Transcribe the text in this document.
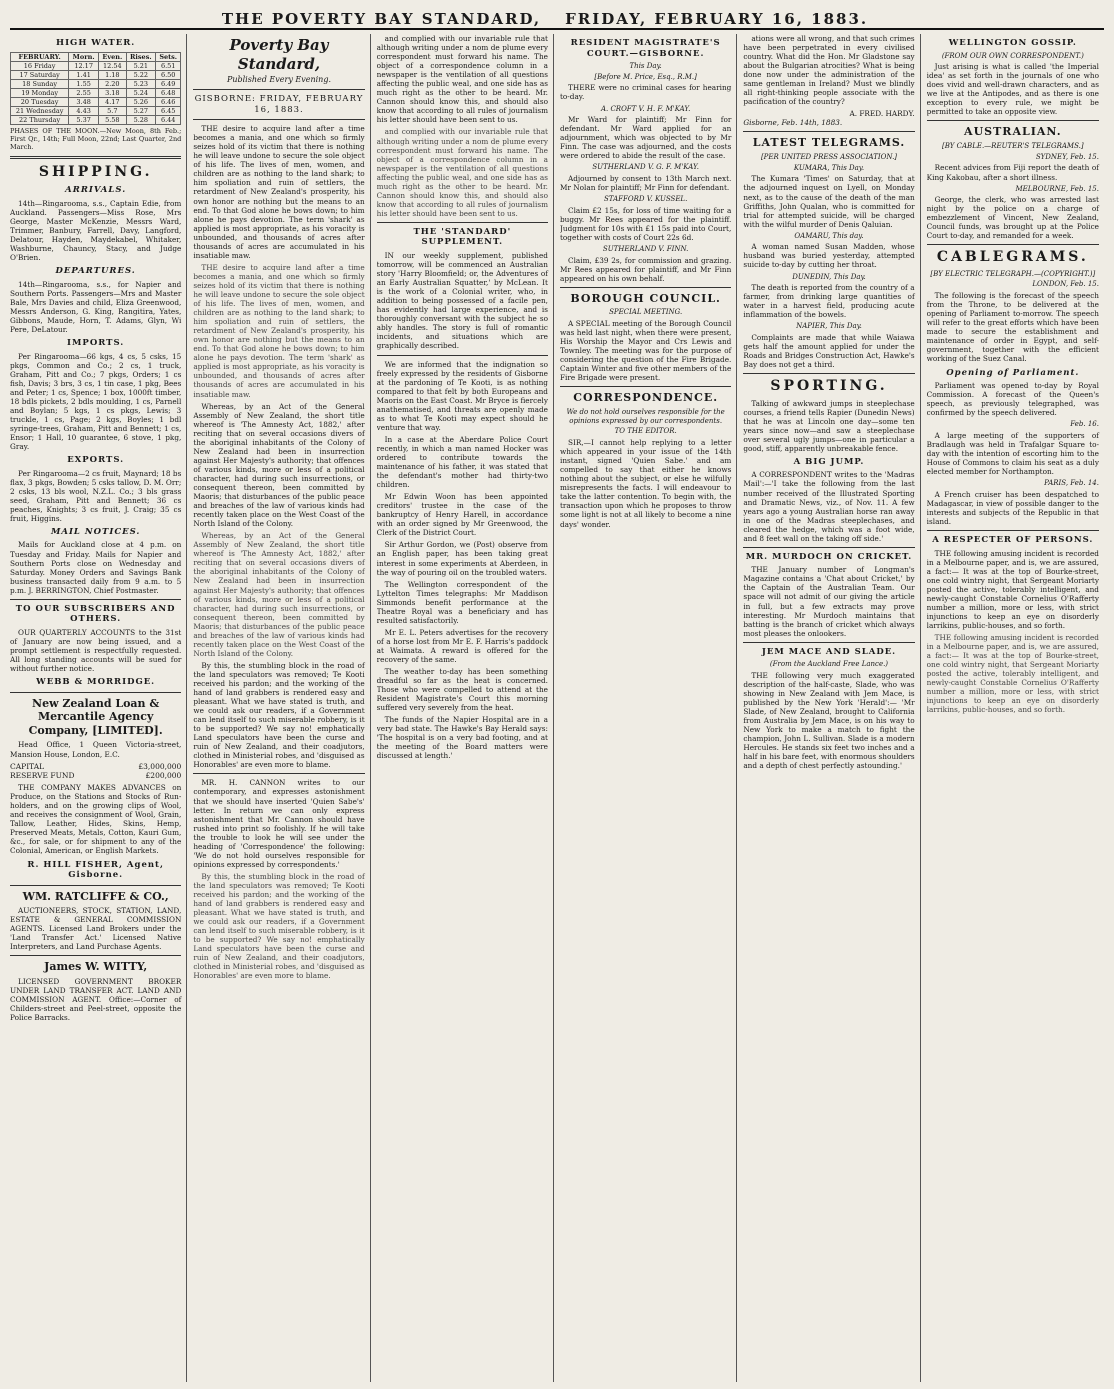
THE POVERTY BAY STANDARD, FRIDAY, FEBRUARY 16, 1883.
HIGH WATER.
FEBRUARY.	Morn.	Even.	Rises.	Sets.
16 Friday	12.17	12.54	5.21	6.51
17 Saturday	1.41	1.18	5.22	6.50
18 Sunday	1.55	2.20	5.23	6.49
19 Monday	2.55	3.18	5.24	6.48
20 Tuesday	3.48	4.17	5.26	6.46
21 Wednesday	4.43	5.7	5.27	6.45
22 Thursday	5.37	5.58	5.28	6.44
PHASES OF THE MOON.—New Moon, 8th Feb.; First Qr., 14th; Full Moon, 22nd; Last Quarter, 2nd March.
SHIPPING.
ARRIVALS.

14th—Ringarooma, s.s., Captain Edie, from Auckland. Passengers—Miss Rose, Mrs George, Master McKenzie, Messrs Ward, Trimmer, Banbury, Farrell, Davy, Langford, Delatour, Hayden, Maydekabel, Whitaker, Washburne, Chauncy, Stacy, and Judge O'Brien.

DEPARTURES.

14th—Ringarooma, s.s., for Napier and Southern Ports. Passengers—Mrs and Master Bale, Mrs Davies and child, Eliza Greenwood, Messrs Anderson, G. King, Rangitira, Yates, Gibbons, Maude, Horn, T. Adams, Glyn, Wi Pere, DeLatour.

IMPORTS.

Per Ringarooma—66 kgs, 4 cs, 5 csks, 15 pkgs, Common and Co.; 2 cs, 1 truck, Graham, Pitt and Co.; 7 pkgs, Orders; 1 cs fish, Davis; 3 brs, 3 cs, 1 tin case, 1 pkg, Bees and Peter; 1 cs, Spence; 1 box, 1000ft timber, 18 bdls pickets, 2 bdls moulding, 1 cs, Parnell and Boylan; 5 kgs, 1 cs pkgs, Lewis; 3 truckle, 1 cs, Page; 2 kgs, Boyles; 1 bdl syringe-trees, Graham, Pitt and Bennett; 1 cs, Ensor; 1 Hall, 10 guarantee, 6 stove, 1 pkg, Gray.

EXPORTS.

Per Ringarooma—2 cs fruit, Maynard; 18 bs flax, 3 pkgs, Bowden; 5 csks tallow, D. M. Orr; 2 csks, 13 bls wool, N.Z.L. Co.; 3 bls grass seed, Graham, Pitt and Bennett; 36 cs peaches, Knights; 3 cs fruit, J. Craig; 35 cs fruit, Higgins.

MAIL NOTICES.

Mails for Auckland close at 4 p.m. on Tuesday and Friday. Mails for Napier and Southern Ports close on Wednesday and Saturday. Money Orders and Savings Bank business transacted daily from 9 a.m. to 5 p.m. J. BERRINGTON, Chief Postmaster.

TO OUR SUBSCRIBERS AND OTHERS.

OUR QUARTERLY ACCOUNTS to the 31st of January are now being issued, and a prompt settlement is respectfully requested. All long standing accounts will be sued for without further notice.

WEBB & MORRIDGE.
New Zealand Loan & Mercantile Agency Company, [LIMITED].

Head Office, 1 Queen Victoria-street, Mansion House, London, E.C.

CAPITAL	£3,000,000
RESERVE FUND	£200,000

THE COMPANY MAKES ADVANCES on Produce, on the Stations and Stocks of Run-holders, and on the growing clips of Wool, and receives the consignment of Wool, Grain, Tallow, Leather, Hides, Skins, Hemp, Preserved Meats, Metals, Cotton, Kauri Gum, &c., for sale, or for shipment to any of the Colonial, American, or English Markets.

R. HILL FISHER, Agent, Gisborne.
WM. RATCLIFFE & CO.,

AUCTIONEERS, STOCK, STATION, LAND, ESTATE & GENERAL COMMISSION AGENTS. Licensed Land Brokers under the 'Land Transfer Act.' Licensed Native Interpreters, and Land Purchase Agents.

James W. WITTY,

LICENSED GOVERNMENT BROKER UNDER LAND TRANSFER ACT. LAND AND COMMISSION AGENT. Office:—Corner of Childers-street and Peel-street, opposite the Police Barracks.

Poverty Bay Standard,
Published Every Evening.
GISBORNE: FRIDAY, FEBRUARY 16, 1883.

THE desire to acquire land after a time becomes a mania, and one which so firmly seizes hold of its victim that there is nothing he will leave undone to secure the sole object of his life. The lives of men, women, and children are as nothing to the land shark; to him spoliation and ruin of settlers, the retardment of New Zealand's prosperity, his own honor are nothing but the means to an end. To that God alone he bows down; to him alone he pays devotion. The term 'shark' as applied is most appropriate, as his voracity is unbounded, and thousands of acres after thousands of acres are accumulated in his insatiable maw.

THE desire to acquire land after a time becomes a mania, and one which so firmly seizes hold of its victim that there is nothing he will leave undone to secure the sole object of his life. The lives of men, women, and children are as nothing to the land shark; to him spoliation and ruin of settlers, the retardment of New Zealand's prosperity, his own honor are nothing but the means to an end. To that God alone he bows down; to him alone he pays devotion. The term 'shark' as applied is most appropriate, as his voracity is unbounded, and thousands of acres after thousands of acres are accumulated in his insatiable maw.

Whereas, by an Act of the General Assembly of New Zealand, the short title whereof is 'The Amnesty Act, 1882,' after reciting that on several occasions divers of the aboriginal inhabitants of the Colony of New Zealand had been in insurrection against Her Majesty's authority; that offences of various kinds, more or less of a political character, had during such insurrections, or consequent thereon, been committed by Maoris; that disturbances of the public peace and breaches of the law of various kinds had recently taken place on the West Coast of the North Island of the Colony.

Whereas, by an Act of the General Assembly of New Zealand, the short title whereof is 'The Amnesty Act, 1882,' after reciting that on several occasions divers of the aboriginal inhabitants of the Colony of New Zealand had been in insurrection against Her Majesty's authority; that offences of various kinds, more or less of a political character, had during such insurrections, or consequent thereon, been committed by Maoris; that disturbances of the public peace and breaches of the law of various kinds had recently taken place on the West Coast of the North Island of the Colony.

By this, the stumbling block in the road of the land speculators was removed; Te Kooti received his pardon; and the working of the hand of land grabbers is rendered easy and pleasant. What we have stated is truth, and we could ask our readers, if a Government can lend itself to such miserable robbery, is it to be supported? We say no! emphatically Land speculators have been the curse and ruin of New Zealand, and their coadjutors, clothed in Ministerial robes, and 'disguised as Honorables' are even more to blame.

MR. H. CANNON writes to our contemporary, and expresses astonishment that we should have inserted 'Quien Sabe's' letter. In return we can only express astonishment that Mr. Cannon should have rushed into print so foolishly. If he will take the trouble to look he will see under the heading of 'Correspondence' the following: 'We do not hold ourselves responsible for opinions expressed by correspondents.'

By this, the stumbling block in the road of the land speculators was removed; Te Kooti received his pardon; and the working of the hand of land grabbers is rendered easy and pleasant. What we have stated is truth, and we could ask our readers, if a Government can lend itself to such miserable robbery, is it to be supported? We say no! emphatically Land speculators have been the curse and ruin of New Zealand, and their coadjutors, clothed in Ministerial robes, and 'disguised as Honorables' are even more to blame.

and complied with our invariable rule that although writing under a nom de plume every correspondent must forward his name. The object of a correspondence column in a newspaper is the ventilation of all questions affecting the public weal, and one side has as much right as the other to be heard. Mr. Cannon should know this, and should also know that according to all rules of journalism his letter should have been sent to us.

and complied with our invariable rule that although writing under a nom de plume every correspondent must forward his name. The object of a correspondence column in a newspaper is the ventilation of all questions affecting the public weal, and one side has as much right as the other to be heard. Mr. Cannon should know this, and should also know that according to all rules of journalism his letter should have been sent to us.

THE 'STANDARD' SUPPLEMENT.

IN our weekly supplement, published tomorrow, will be commenced an Australian story 'Harry Bloomfield; or, the Adventures of an Early Australian Squatter,' by McLean. It is the work of a Colonial writer, who, in addition to being possessed of a facile pen, has evidently had large experience, and is thoroughly conversant with the subject he so ably handles. The story is full of romantic incidents, and situations which are graphically described.

We are informed that the indignation so freely expressed by the residents of Gisborne at the pardoning of Te Kooti, is as nothing compared to that felt by both Europeans and Maoris on the East Coast. Mr Bryce is fiercely anathematised, and threats are openly made as to what Te Kooti may expect should he venture that way.

In a case at the Aberdare Police Court recently, in which a man named Hocker was ordered to contribute towards the maintenance of his father, it was stated that the defendant's mother had thirty-two children.

Mr Edwin Woon has been appointed creditors' trustee in the case of the bankruptcy of Henry Harell, in accordance with an order signed by Mr Greenwood, the Clerk of the District Court.

Sir Arthur Gordon, we (Post) observe from an English paper, has been taking great interest in some experiments at Aberdeen, in the way of pouring oil on the troubled waters.

The Wellington correspondent of the Lyttelton Times telegraphs: Mr Maddison Simmonds benefit performance at the Theatre Royal was a beneficiary and has resulted satisfactorily.

Mr E. L. Peters advertises for the recovery of a horse lost from Mr E. F. Harris's paddock at Waimata. A reward is offered for the recovery of the same.

The weather to-day has been something dreadful so far as the heat is concerned. Those who were compelled to attend at the Resident Magistrate's Court this morning suffered very severely from the heat.

The funds of the Napier Hospital are in a very bad state. The Hawke's Bay Herald says: 'The hospital is on a very bad footing, and at the meeting of the Board matters were discussed at length.'

RESIDENT MAGISTRATE'S COURT.—GISBORNE.
This Day.
[Before M. Price, Esq., R.M.]

THERE were no criminal cases for hearing to-day.

A. CROFT V. H. F. M'KAY.

Mr Ward for plaintiff; Mr Finn for defendant. Mr Ward applied for an adjournment, which was objected to by Mr Finn. The case was adjourned, and the costs were ordered to abide the result of the case.

SUTHERLAND V. G. F. M'KAY.

Adjourned by consent to 13th March next. Mr Nolan for plaintiff; Mr Finn for defendant.

STAFFORD V. KUSSEL.

Claim £2 15s, for loss of time waiting for a buggy. Mr Rees appeared for the plaintiff. Judgment for 10s with £1 15s paid into Court, together with costs of Court 22s 6d.

SUTHERLAND V. FINN.

Claim, £39 2s, for commission and grazing. Mr Rees appeared for plaintiff, and Mr Finn appeared on his own behalf.

BOROUGH COUNCIL.
SPECIAL MEETING.

A SPECIAL meeting of the Borough Council was held last night, when there were present, His Worship the Mayor and Crs Lewis and Townley. The meeting was for the purpose of considering the question of the Fire Brigade. Captain Winter and five other members of the Fire Brigade were present.

CORRESPONDENCE.
We do not hold ourselves responsible for the opinions expressed by our correspondents.
TO THE EDITOR.

SIR,—I cannot help replying to a letter which appeared in your issue of the 14th instant, signed 'Quien Sabe.' and am compelled to say that either he knows nothing about the subject, or else he wilfully misrepresents the facts. I will endeavour to take the latter contention. To begin with, the transaction upon which he proposes to throw some light is not at all likely to become a nine days' wonder.

ations were all wrong, and that such crimes have been perpetrated in every civilised country. What did the Hon. Mr Gladstone say about the Bulgarian atrocities? What is being done now under the administration of the same gentleman in Ireland? Must we blindly all right-thinking people associate with the pacification of the country?

A. FRED. HARDY.
Gisborne, Feb. 14th, 1883.
LATEST TELEGRAMS.
[PER UNITED PRESS ASSOCIATION.]
KUMARA, This Day.

The Kumara 'Times' on Saturday, that at the adjourned inquest on Lyell, on Monday next, as to the cause of the death of the man Griffiths, John Qualan, who is committed for trial for attempted suicide, will be charged with the wilful murder of Denis Qaluian.

OAMARU, This day.

A woman named Susan Madden, whose husband was buried yesterday, attempted suicide to-day by cutting her throat.

DUNEDIN, This Day.

The death is reported from the country of a farmer, from drinking large quantities of water in a harvest field, producing acute inflammation of the bowels.

NAPIER, This Day.

Complaints are made that while Waiawa gets half the amount applied for under the Roads and Bridges Construction Act, Hawke's Bay does not get a third.

SPORTING.

Talking of awkward jumps in steeplechase courses, a friend tells Rapier (Dunedin News) that he was at Lincoln one day—some ten years since now—and saw a steeplechase over several ugly jumps—one in particular a good, stiff, apparently unbreakable fence.

A BIG JUMP.

A CORRESPONDENT writes to the 'Madras Mail':—'I take the following from the last number received of the Illustrated Sporting and Dramatic News, viz., of Nov. 11. A few years ago a young Australian horse ran away in one of the Madras steeplechases, and cleared the hedge, which was a foot wide, and 8 feet wall on the taking off side.'

MR. MURDOCH ON CRICKET.

THE January number of Longman's Magazine contains a 'Chat about Cricket,' by the Captain of the Australian Team. Our space will not admit of our giving the article in full, but a few extracts may prove interesting. Mr Murdoch maintains that batting is the branch of cricket which always most pleases the onlookers.

JEM MACE AND SLADE.
(From the Auckland Free Lance.)

THE following very much exaggerated description of the half-caste, Slade, who was showing in New Zealand with Jem Mace, is published by the New York 'Herald':— 'Mr Slade, of New Zealand, brought to California from Australia by Jem Mace, is on his way to New York to make a match to fight the champion, John L. Sullivan. Slade is a modern Hercules. He stands six feet two inches and a half in his bare feet, with enormous shoulders and a depth of chest perfectly astounding.'

WELLINGTON GOSSIP.
(FROM OUR OWN CORRESPONDENT.)

Just arising is what is called 'the Imperial idea' as set forth in the journals of one who does vivid and well-drawn characters, and as we live at the Antipodes, and as there is one exception to every rule, we might be permitted to take an opposite view.

AUSTRALIAN.
[BY CABLE.—REUTER'S TELEGRAMS.]
SYDNEY, Feb. 15.

Recent advices from Fiji report the death of King Kakobau, after a short illness.

MELBOURNE, Feb. 15.

George, the clerk, who was arrested last night by the police on a charge of embezzlement of Vincent, New Zealand, Council funds, was brought up at the Police Court to-day, and remanded for a week.

CABLEGRAMS.
[BY ELECTRIC TELEGRAPH.—(COPYRIGHT.)]
LONDON, Feb. 15.

The following is the forecast of the speech from the Throne, to be delivered at the opening of Parliament to-morrow. The speech will refer to the great efforts which have been made to secure the establishment and maintenance of order in Egypt, and self-government, together with the efficient working of the Suez Canal.

Opening of Parliament.

Parliament was opened to-day by Royal Commission. A forecast of the Queen's speech, as previously telegraphed, was confirmed by the speech delivered.

Feb. 16.

A large meeting of the supporters of Bradlaugh was held in Trafalgar Square to-day with the intention of escorting him to the House of Commons to claim his seat as a duly elected member for Northampton.

PARIS, Feb. 14.

A French cruiser has been despatched to Madagascar, in view of possible danger to the interests and subjects of the Republic in that island.

A RESPECTER OF PERSONS.

THE following amusing incident is recorded in a Melbourne paper, and is, we are assured, a fact:— It was at the top of Bourke-street, one cold wintry night, that Sergeant Moriarty posted the active, tolerably intelligent, and newly-caught Constable Cornelius O'Rafferty number a million, more or less, with strict injunctions to keep an eye on disorderly larrikins, public-houses, and so forth.

THE following amusing incident is recorded in a Melbourne paper, and is, we are assured, a fact:— It was at the top of Bourke-street, one cold wintry night, that Sergeant Moriarty posted the active, tolerably intelligent, and newly-caught Constable Cornelius O'Rafferty number a million, more or less, with strict injunctions to keep an eye on disorderly larrikins, public-houses, and so forth.
